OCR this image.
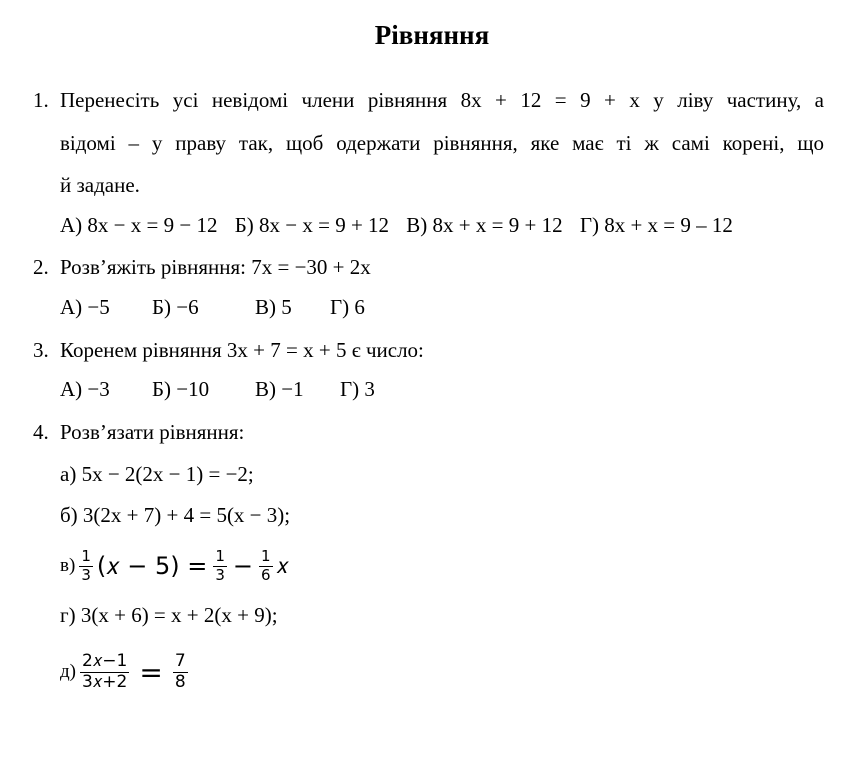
Рівняння
1. Перенесіть усі невідомі члени рівняння 8х + 12 = 9 + х у ліву частину, а
відомі – у праву так, щоб одержати рівняння, яке має ті ж самі корені, що
й задане.
А) 8х − х = 9 − 12 Б) 8х − х = 9 + 12 В) 8х + х = 9 + 12 Г) 8х + х = 9 – 12
2. Розв’яжіть рівняння: 7х = −30 + 2х
А) −5 Б) −6	В) 5 Г) 6
3. Коренем рівняння 3х + 7 = х + 5 є число:
А) −3 Б) −10 В) −1 Г) 3
4. Розв’язати рівняння:
а) 5х − 2(2х − 1) = −2;
б) 3(2х + 7) + 4 = 5(х − 3);
$в) \frac{1}{3}$ (𝑥 − $5) = \frac{1}{3} - \frac{1}{6}$ 𝑥
г) 3(х + 6) = х + 2(х + 9);
$д) \frac{\text{2𝑥−1}}{\text{3𝑥+2}} = \frac{7}{8}$
